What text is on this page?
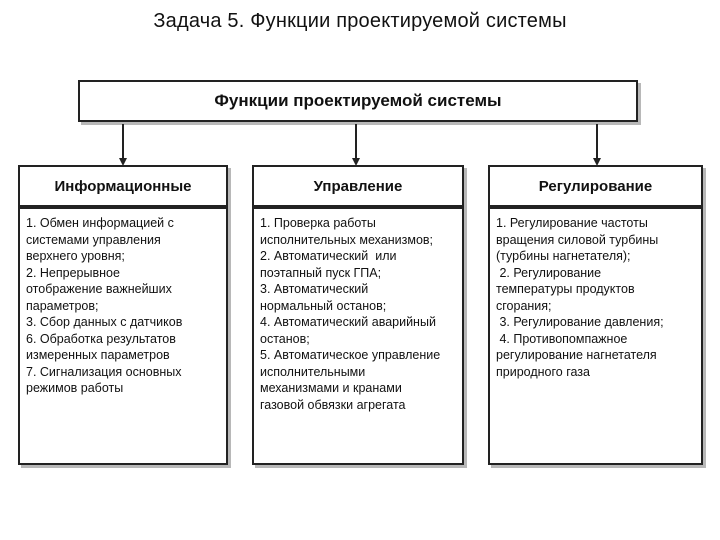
Задача 5. Функции проектируемой системы
Функции проектируемой системы
Информационные
1. Обмен информацией с
системами управления
верхнего уровня;
2. Непрерывное
отображение важнейших
параметров;
3. Сбор данных с датчиков
6. Обработка результатов
измеренных параметров
7. Сигнализация основных
режимов работы
Управление
1. Проверка работы
исполнительных механизмов;
2. Автоматический  или
поэтапный пуск ГПА;
3. Автоматический
нормальный останов;
4. Автоматический аварийный
останов;
5. Автоматическое управление
исполнительными
механизмами и кранами
газовой обвязки агрегата
Регулирование
1. Регулирование частоты
вращения силовой турбины
(турбины нагнетателя);
2. Регулирование
температуры продуктов
сгорания;
3. Регулирование давления;
4. Противопомпажное
регулирование нагнетателя
природного газа
